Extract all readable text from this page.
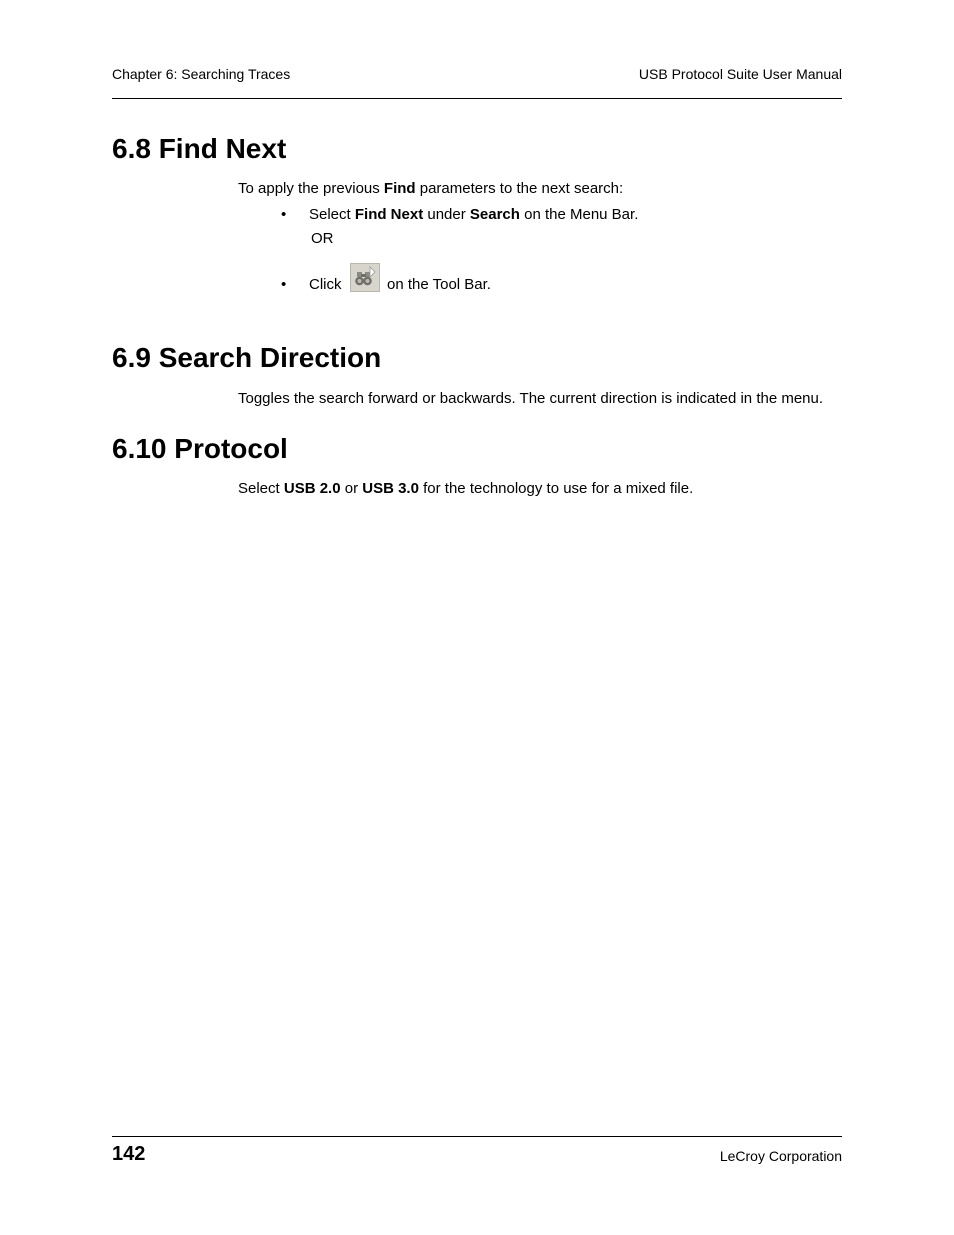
Chapter 6: Searching Traces	USB Protocol Suite User Manual
6.8 Find Next
To apply the previous Find parameters to the next search:
• Select Find Next under Search on the Menu Bar.
OR
• Click	on the Tool Bar.
6.9 Search Direction
Toggles the search forward or backwards. The current direction is indicated in the menu.
6.10 Protocol
Select USB 2.0 or USB 3.0 for the technology to use for a mixed file.
142	LeCroy Corporation
